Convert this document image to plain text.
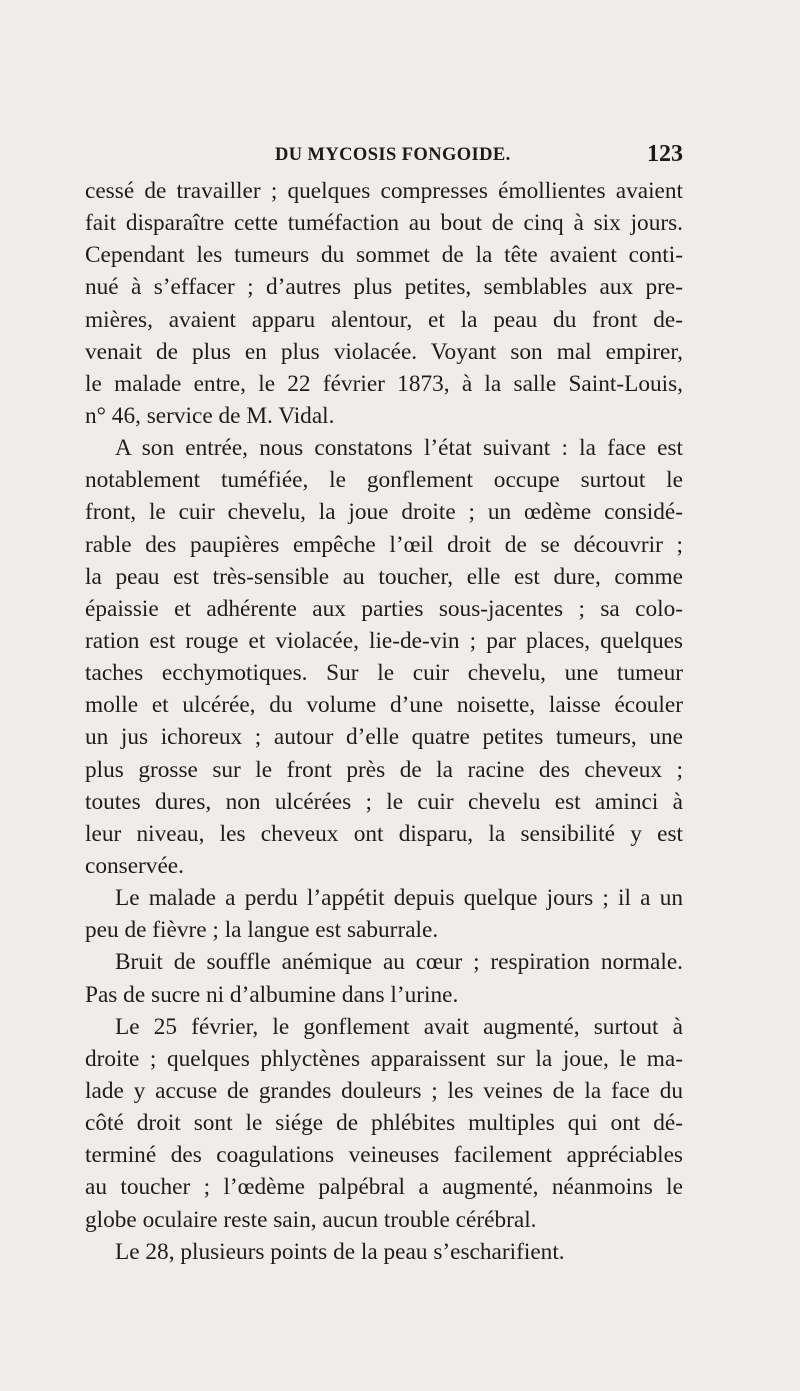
DU MYCOSIS FONGOIDE.	123
cessé de travailler ; quelques compresses émollientes avaient
fait disparaître cette tuméfaction au bout de cinq à six jours.
Cependant les tumeurs du sommet de la tête avaient conti-
nué à s’effacer ; d’autres plus petites, semblables aux pre-
mières, avaient apparu alentour, et la peau du front de-
venait de plus en plus violacée. Voyant son mal empirer,
le malade entre, le 22 février 1873, à la salle Saint-Louis,
n° 46, service de M. Vidal.
A son entrée, nous constatons l’état suivant : la face est
notablement tuméfiée, le gonflement occupe surtout le
front, le cuir chevelu, la joue droite ; un œdème considé-
rable des paupières empêche l’œil droit de se découvrir ;
la peau est très-sensible au toucher, elle est dure, comme
épaissie et adhérente aux parties sous-jacentes ; sa colo-
ration est rouge et violacée, lie-de-vin ; par places, quelques
taches ecchymotiques. Sur le cuir chevelu, une tumeur
molle et ulcérée, du volume d’une noisette, laisse écouler
un jus ichoreux ; autour d’elle quatre petites tumeurs, une
plus grosse sur le front près de la racine des cheveux ;
toutes dures, non ulcérées ; le cuir chevelu est aminci à
leur niveau, les cheveux ont disparu, la sensibilité y est
conservée.
Le malade a perdu l’appétit depuis quelque jours ; il a un
peu de fièvre ; la langue est saburrale.
Bruit de souffle anémique au cœur ; respiration normale.
Pas de sucre ni d’albumine dans l’urine.
Le 25 février, le gonflement avait augmenté, surtout à
droite ; quelques phlyctènes apparaissent sur la joue, le ma-
lade y accuse de grandes douleurs ; les veines de la face du
côté droit sont le siége de phlébites multiples qui ont dé-
terminé des coagulations veineuses facilement appréciables
au toucher ; l’œdème palpébral a augmenté, néanmoins le
globe oculaire reste sain, aucun trouble cérébral.
Le 28, plusieurs points de la peau s’escharifient.
